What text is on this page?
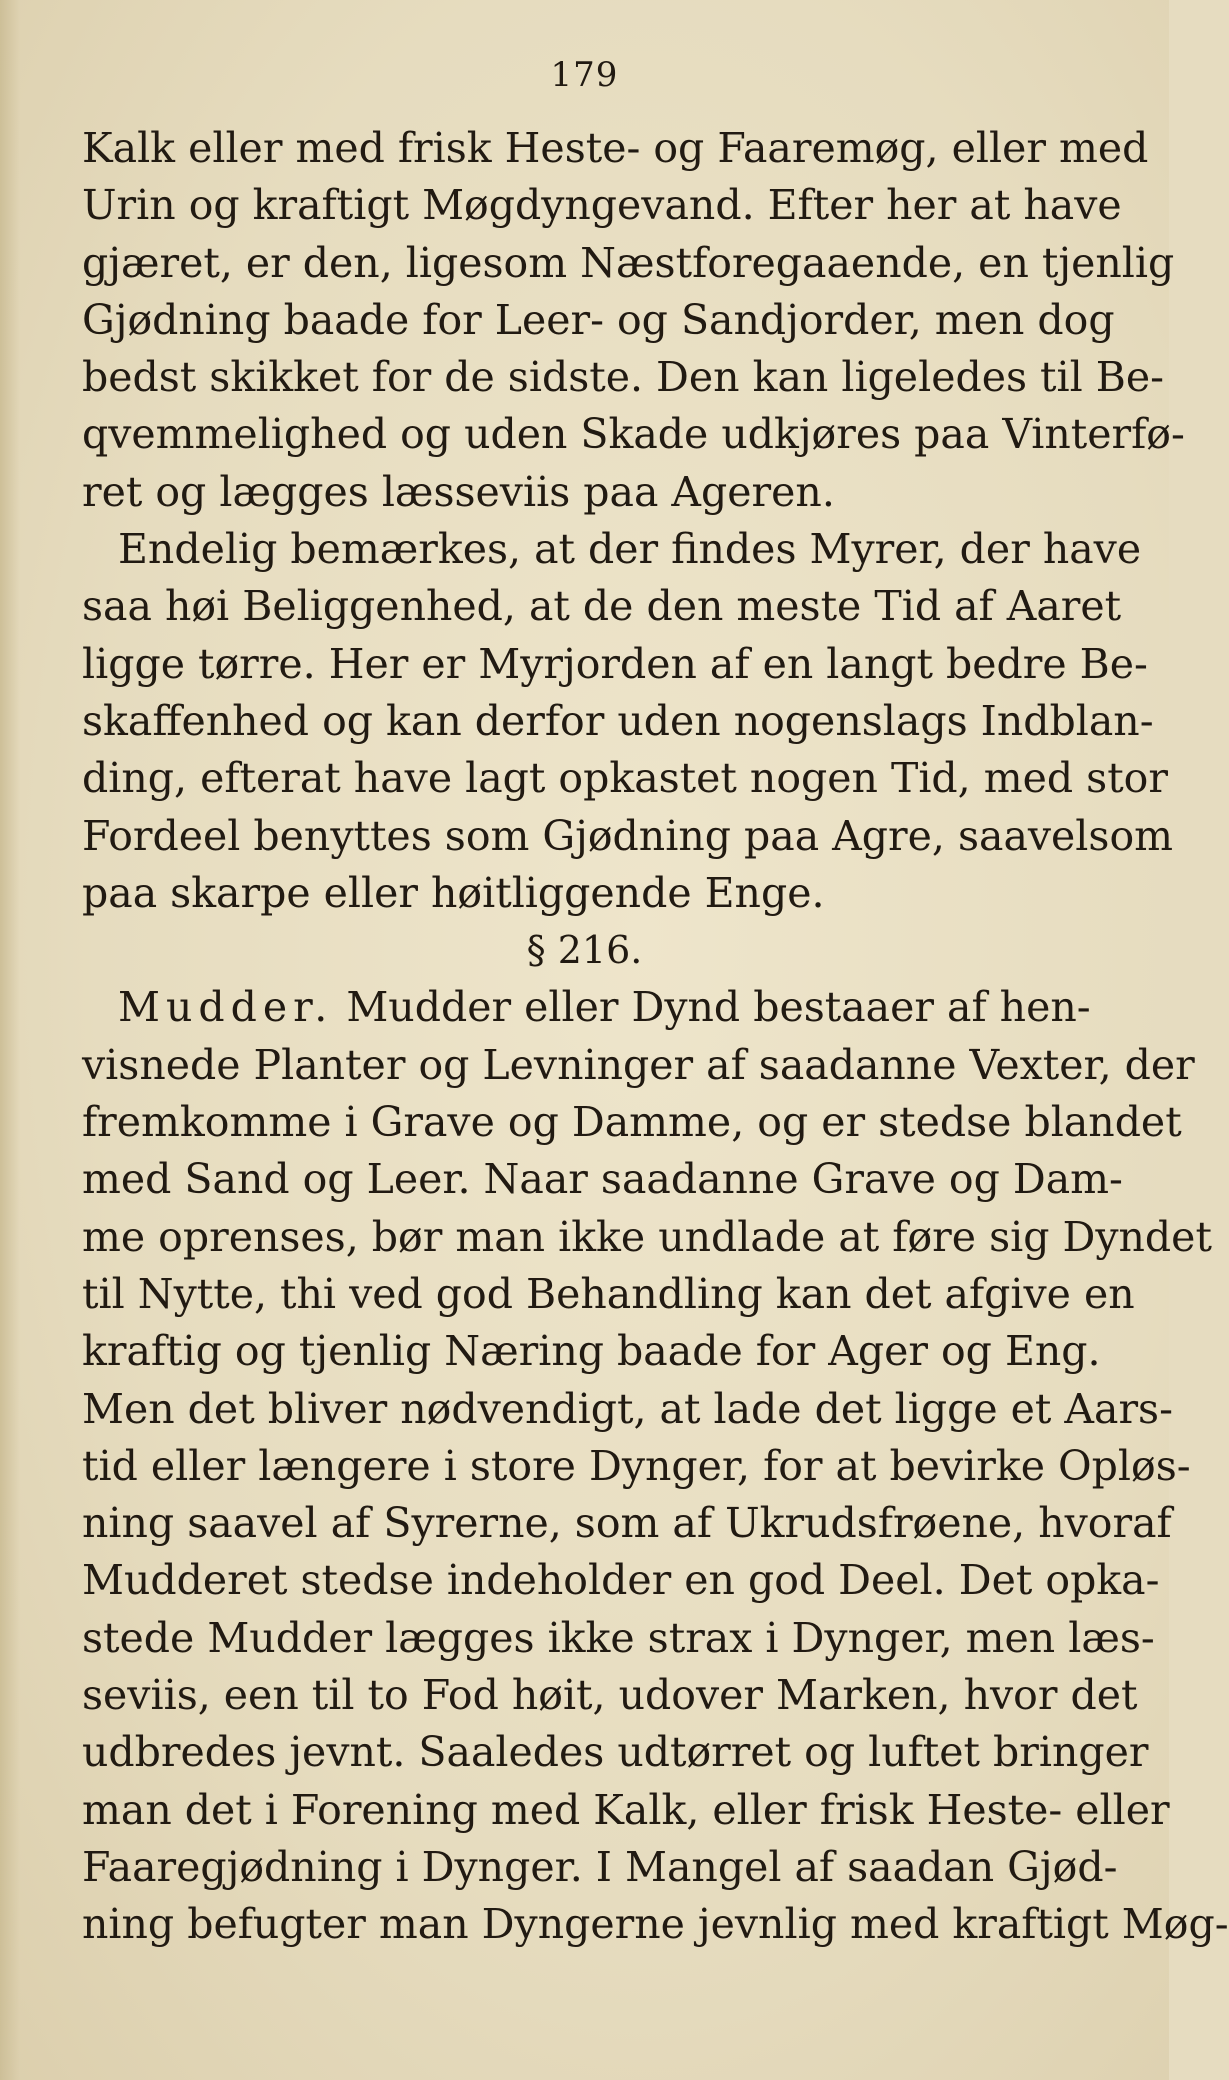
179
Kalk eller med frisk Heste- og Faaremøg, eller med
Urin og kraftigt Møgdyngevand. Efter her at have
gjæret, er den, ligesom Næstforegaaende, en tjenlig
Gjødning baade for Leer- og Sandjorder, men dog
bedst skikket for de sidste. Den kan ligeledes til Be-
qvemmelighed og uden Skade udkjøres paa Vinterfø-
ret og lægges læsseviis paa Ageren.
Endelig bemærkes, at der findes Myrer, der have
saa høi Beliggenhed, at de den meste Tid af Aaret
ligge tørre. Her er Myrjorden af en langt bedre Be-
skaffenhed og kan derfor uden nogenslags Indblan-
ding, efterat have lagt opkastet nogen Tid, med stor
Fordeel benyttes som Gjødning paa Agre, saavelsom
paa skarpe eller høitliggende Enge.
§ 216.
Mudder. Mudder eller Dynd bestaaer af hen-
visnede Planter og Levninger af saadanne Vexter, der
fremkomme i Grave og Damme, og er stedse blandet
med Sand og Leer. Naar saadanne Grave og Dam-
me oprenses, bør man ikke undlade at føre sig Dyndet
til Nytte, thi ved god Behandling kan det afgive en
kraftig og tjenlig Næring baade for Ager og Eng.
Men det bliver nødvendigt, at lade det ligge et Aars-
tid eller længere i store Dynger, for at bevirke Opløs-
ning saavel af Syrerne, som af Ukrudsfrøene, hvoraf
Mudderet stedse indeholder en god Deel. Det opka-
stede Mudder lægges ikke strax i Dynger, men læs-
seviis, een til to Fod høit, udover Marken, hvor det
udbredes jevnt. Saaledes udtørret og luftet bringer
man det i Forening med Kalk, eller frisk Heste- eller
Faaregjødning i Dynger. I Mangel af saadan Gjød-
ning befugter man Dyngerne jevnlig med kraftigt Møg-
